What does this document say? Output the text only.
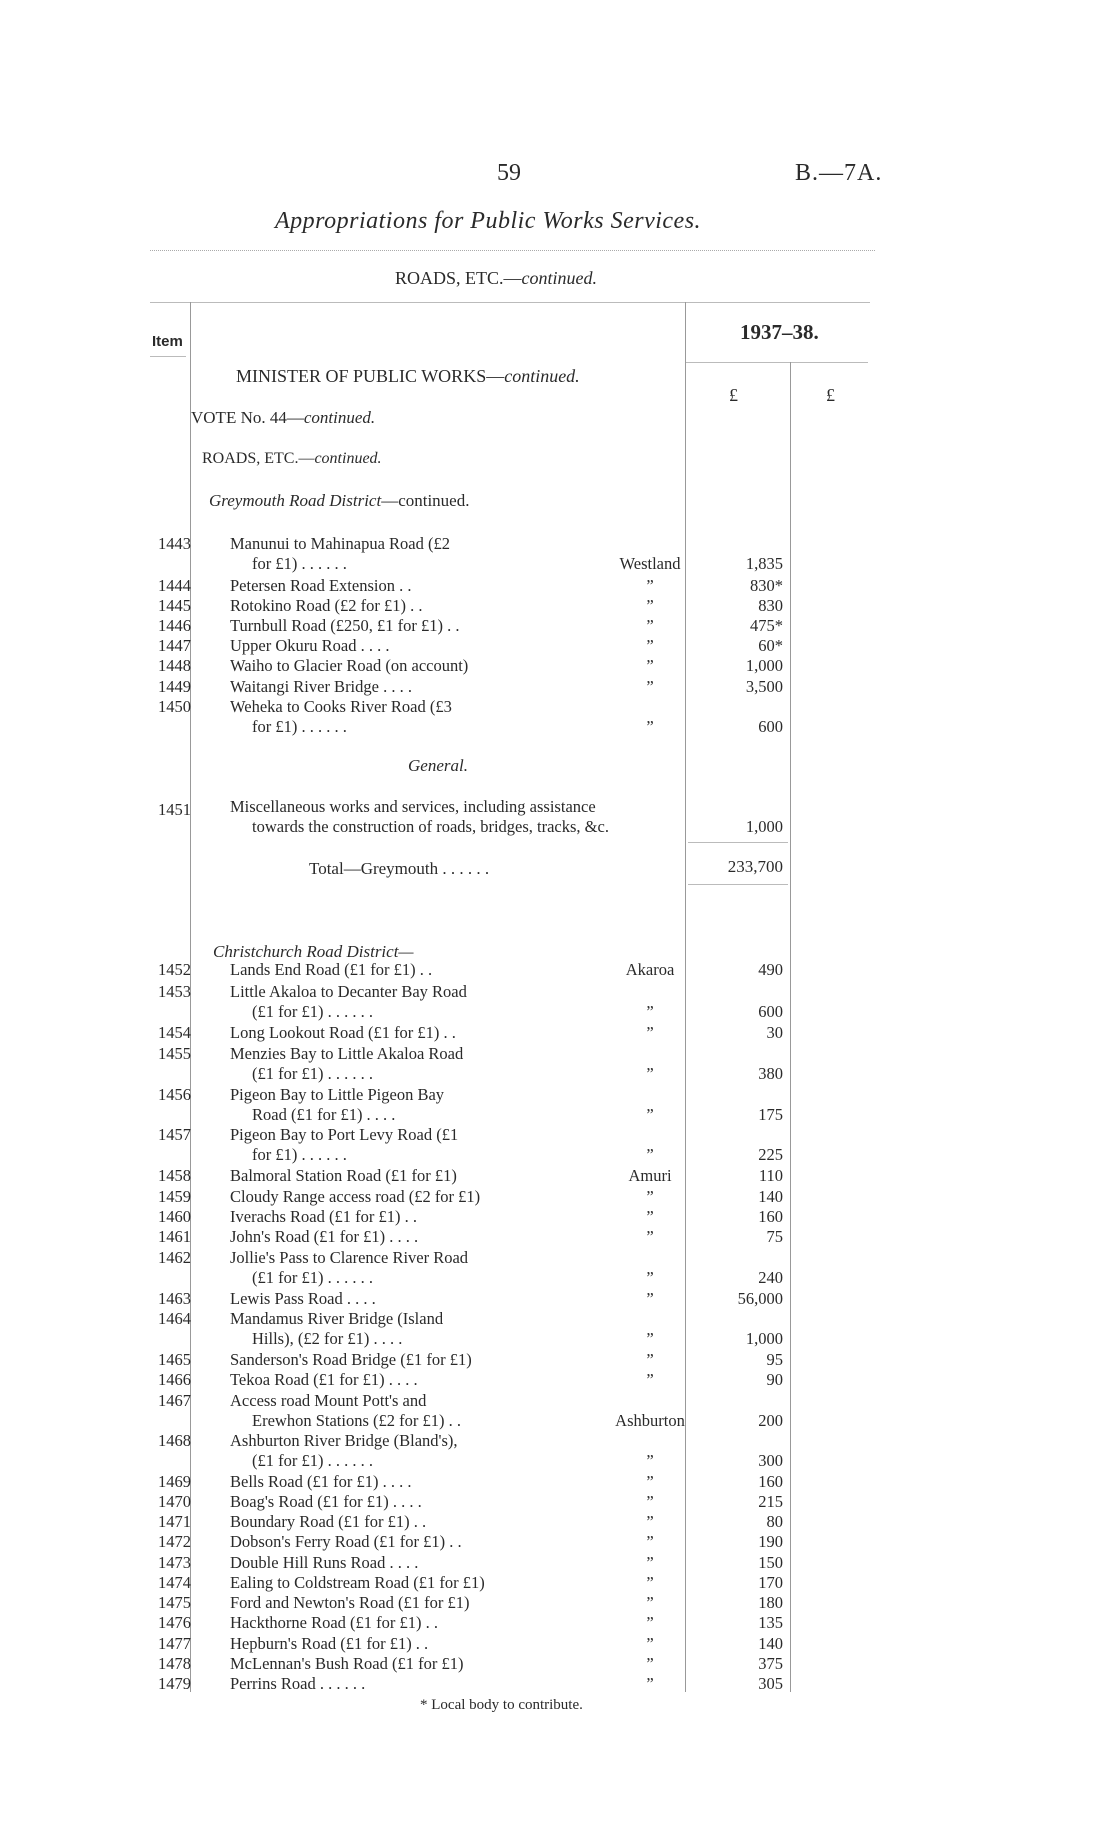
59	B.—7A.
Appropriations for Public Works Services.
ROADS, ETC.—continued.
Item	1937–38.
£	£
MINISTER OF PUBLIC WORKS—continued.
VOTE No. 44—continued.
ROADS, ETC.—continued.
Greymouth Road District—continued.
1443 Manunui to Mahinapua Road (£2
for £1) . . . . . .	Westland	1,835
1444 Petersen Road Extension . .	”	830*
1445 Rotokino Road (£2 for £1) . .	”	830
1446 Turnbull Road (£250, £1 for £1) . .	”	475*
1447 Upper Okuru Road . . . .	”	60*
1448 Waiho to Glacier Road (on account)	”	1,000
1449 Waitangi River Bridge . . . .	”	3,500
1450 Weheka to Cooks River Road (£3
for £1) . . . . . .	”	600
General.
1451 Miscellaneous works and services, including assistance
towards the construction of roads, bridges, tracks, &c.	1,000
Total—Greymouth . . . . . .	233,700
Christchurch Road District—
1452 Lands End Road (£1 for £1) . .	Akaroa	490
1453 Little Akaloa to Decanter Bay Road
(£1 for £1) . . . . . .	”	600
1454 Long Lookout Road (£1 for £1) . .	”	30
1455 Menzies Bay to Little Akaloa Road
(£1 for £1) . . . . . .	”	380
1456 Pigeon Bay to Little Pigeon Bay
Road (£1 for £1) . . . .	”	175
1457 Pigeon Bay to Port Levy Road (£1
for £1) . . . . . .	”	225
1458 Balmoral Station Road (£1 for £1)	Amuri	110
1459 Cloudy Range access road (£2 for £1)	”	140
1460 Iverachs Road (£1 for £1) . .	”	160
1461 John's Road (£1 for £1) . . . .	”	75
1462 Jollie's Pass to Clarence River Road
(£1 for £1) . . . . . .	”	240
1463 Lewis Pass Road . . . .	”	56,000
1464 Mandamus River Bridge (Island
Hills), (£2 for £1) . . . .	”	1,000
1465 Sanderson's Road Bridge (£1 for £1)	”	95
1466 Tekoa Road (£1 for £1) . . . .	”	90
1467 Access road Mount Pott's and
Erewhon Stations (£2 for £1) . .	Ashburton	200
1468 Ashburton River Bridge (Bland's),
(£1 for £1) . . . . . .	”	300
1469 Bells Road (£1 for £1) . . . .	”	160
1470 Boag's Road (£1 for £1) . . . .	”	215
1471 Boundary Road (£1 for £1) . .	”	80
1472 Dobson's Ferry Road (£1 for £1) . .	”	190
1473 Double Hill Runs Road . . . .	”	150
1474 Ealing to Coldstream Road (£1 for £1)	”	170
1475 Ford and Newton's Road (£1 for £1)	”	180
1476 Hackthorne Road (£1 for £1) . .	”	135
1477 Hepburn's Road (£1 for £1) . .	”	140
1478 McLennan's Bush Road (£1 for £1)	”	375
1479 Perrins Road . . . . . .	”	305
* Local body to contribute.
